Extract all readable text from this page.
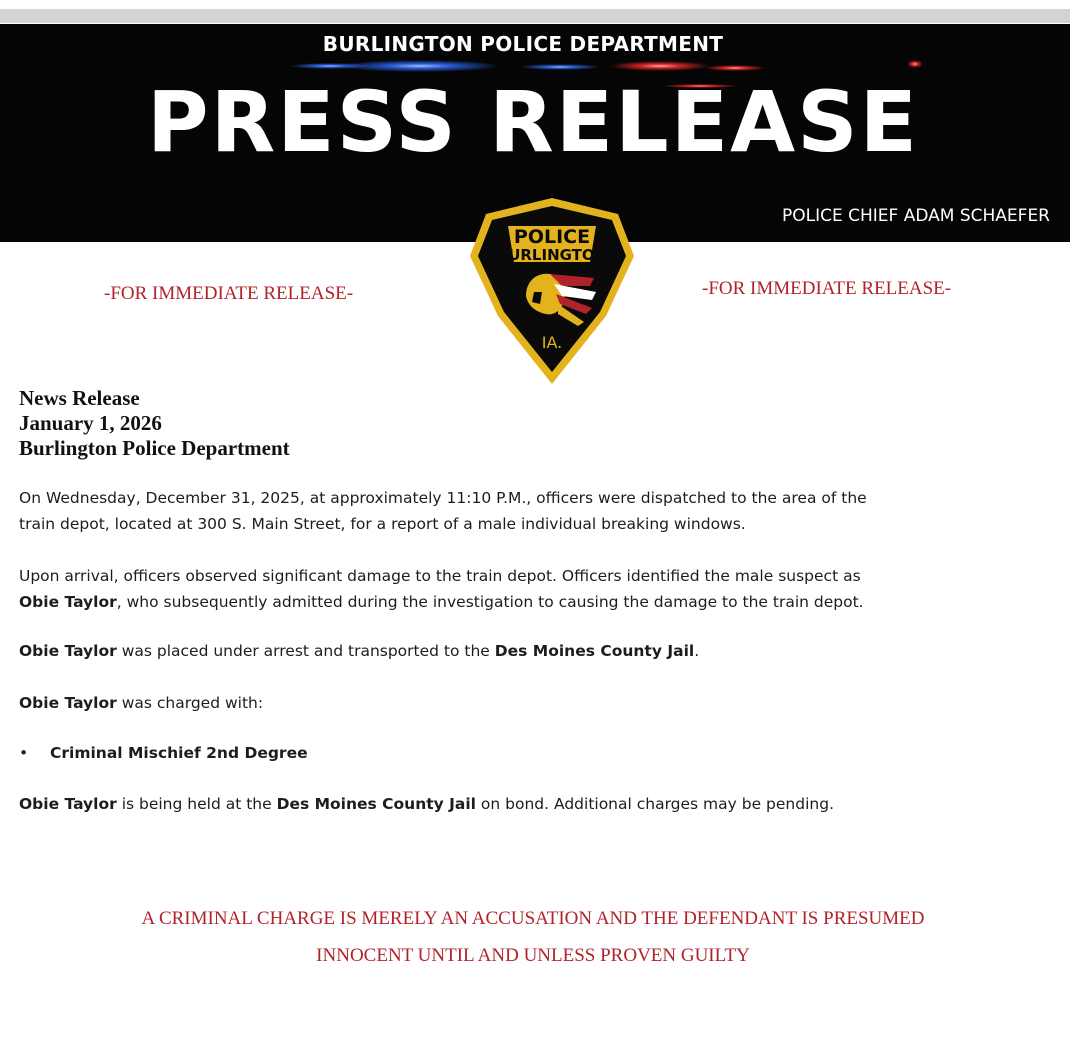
BURLINGTON POLICE DEPARTMENT
PRESS RELEASE
POLICE CHIEF ADAM SCHAEFER
POLICE
BURLINGTON
IA.
-FOR IMMEDIATE RELEASE-	-FOR IMMEDIATE RELEASE-
News Release
January 1, 2026
Burlington Police Department
On Wednesday, December 31, 2025, at approximately 11:10 P.M., officers were dispatched to the area of the
train depot, located at 300 S. Main Street, for a report of a male individual breaking windows.
Upon arrival, officers observed significant damage to the train depot. Officers identified the male suspect as
Obie Taylor, who subsequently admitted during the investigation to causing the damage to the train depot.
Obie Taylor was placed under arrest and transported to the Des Moines County Jail.
Obie Taylor was charged with:
• Criminal Mischief 2nd Degree
Obie Taylor is being held at the Des Moines County Jail on bond. Additional charges may be pending.
A CRIMINAL CHARGE IS MERELY AN ACCUSATION AND THE DEFENDANT IS PRESUMED
INNOCENT UNTIL AND UNLESS PROVEN GUILTY
